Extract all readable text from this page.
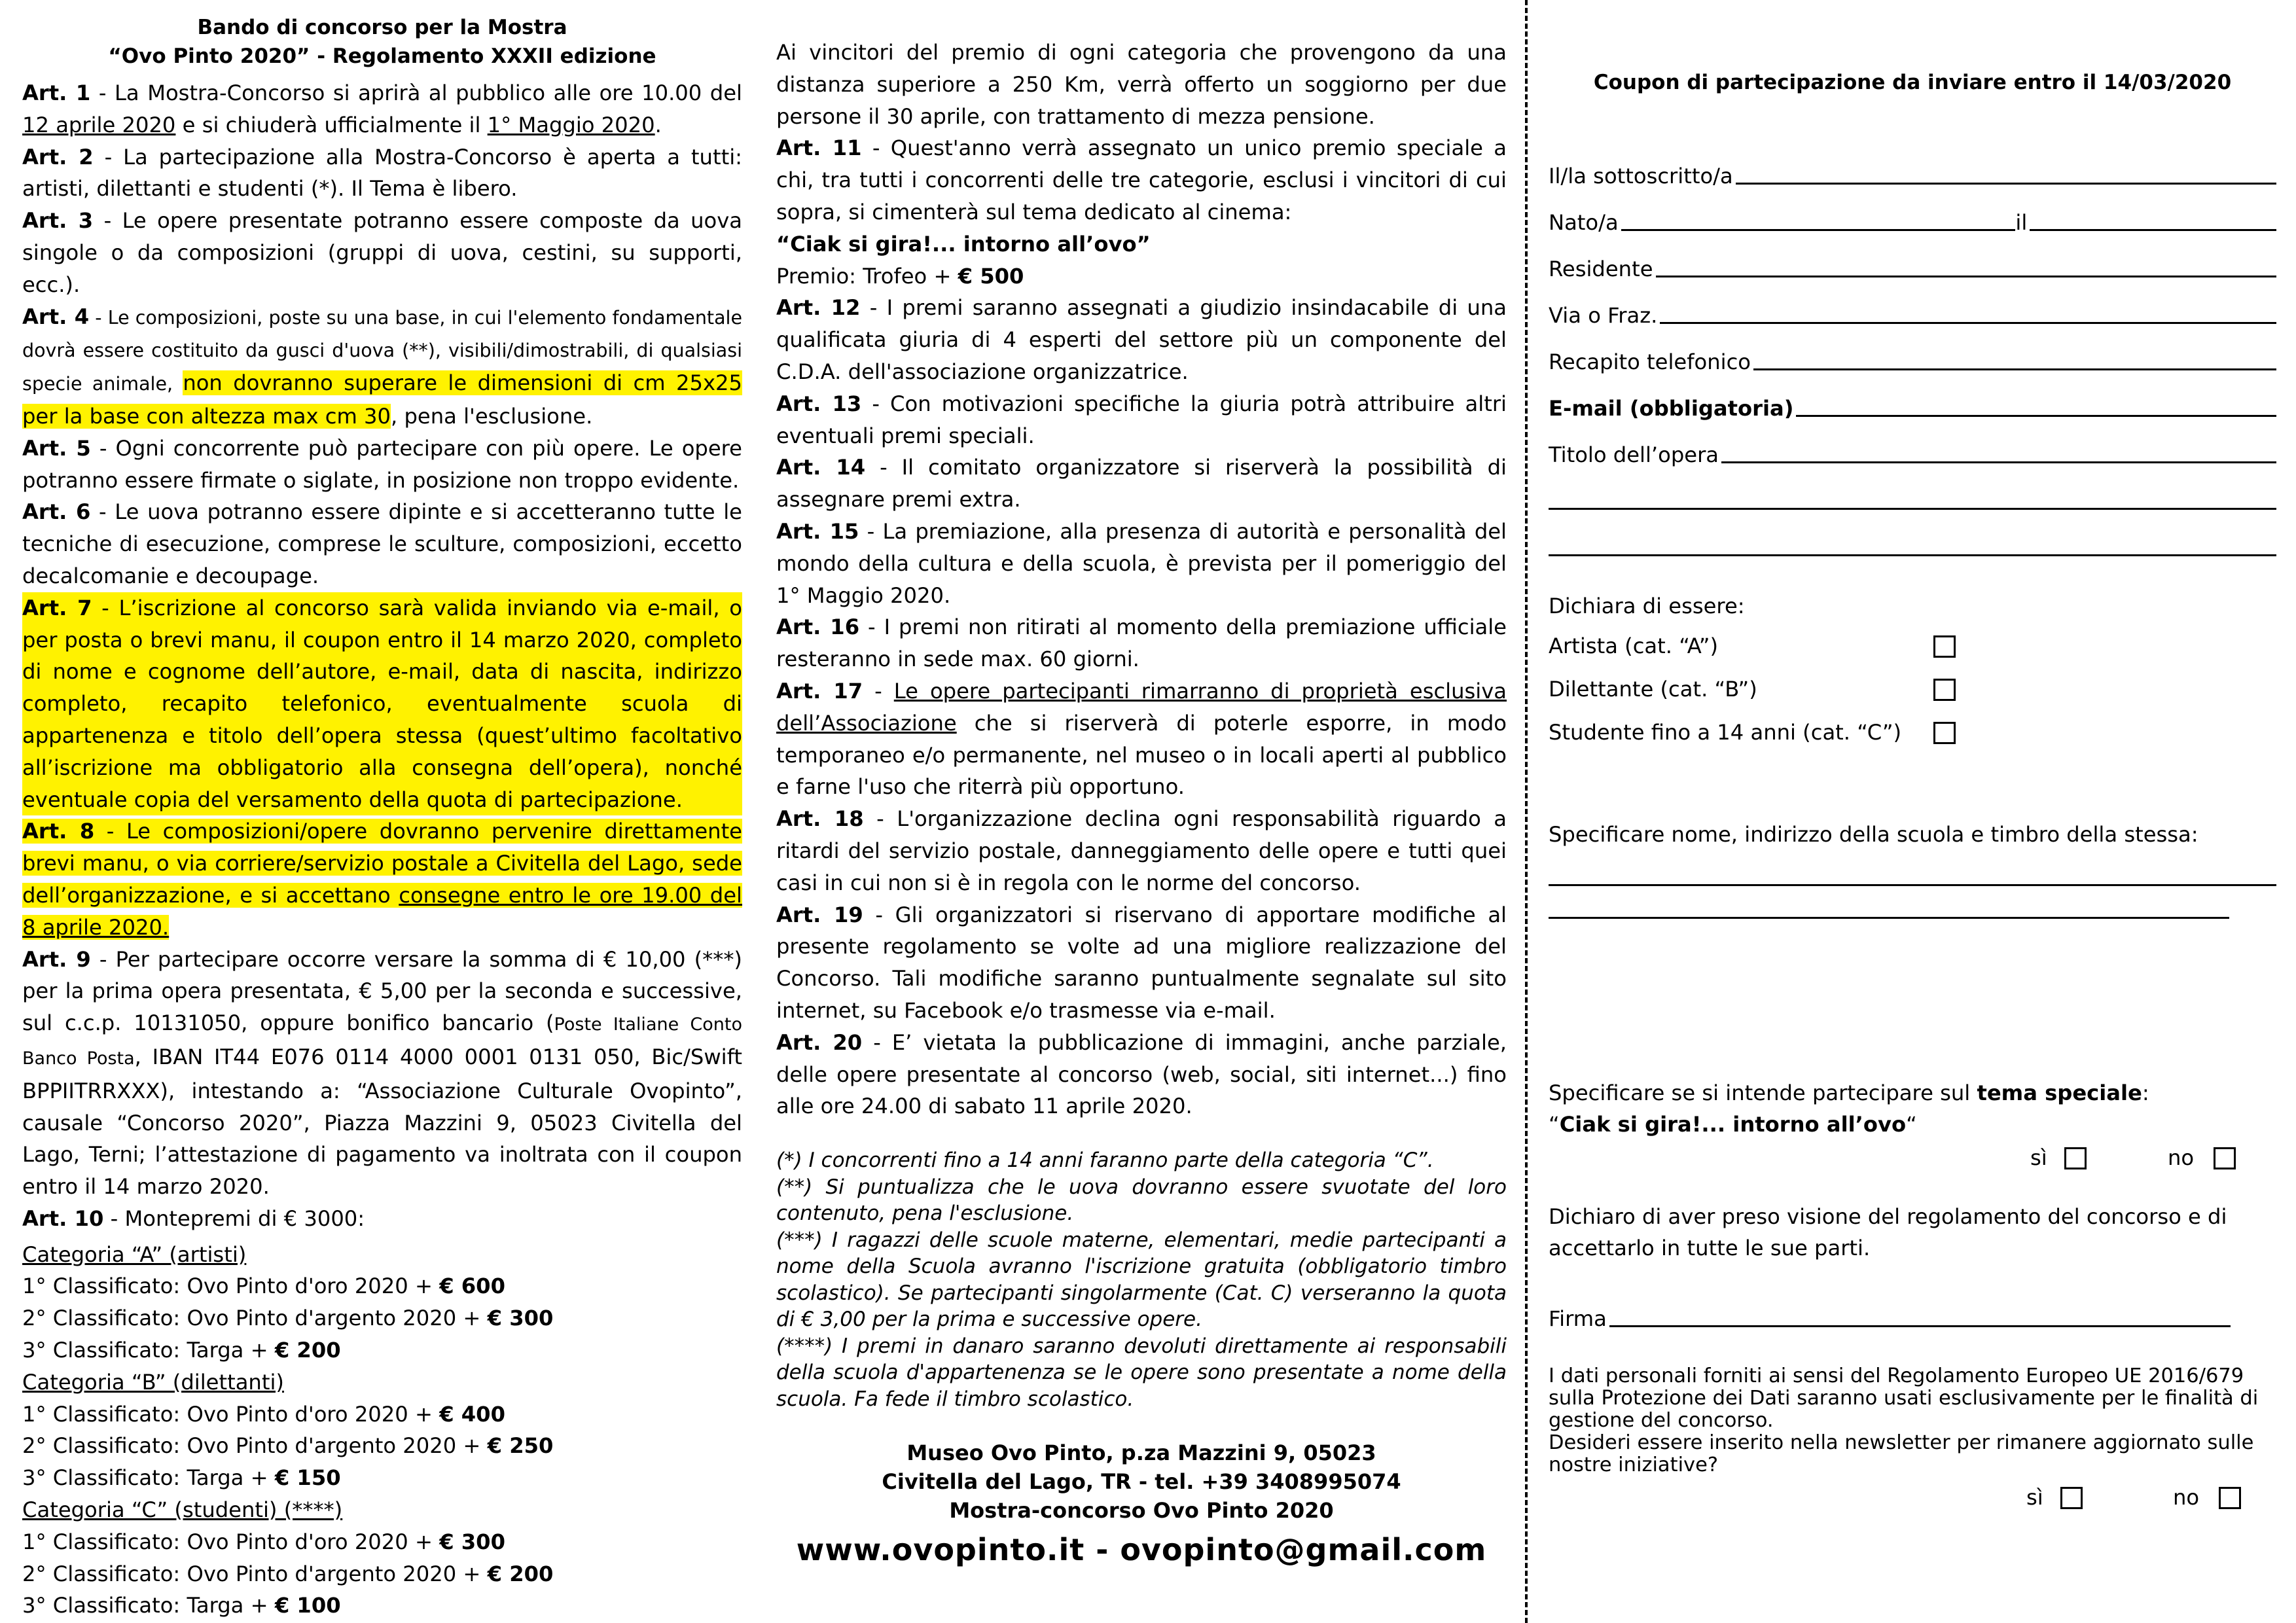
Bando di concorso per la Mostra

“Ovo Pinto 2020” - Regolamento XXXII edizione

Art. 1 - La Mostra-Concorso si aprirà al pubblico alle ore 10.00 del 12 aprile 2020 e si chiuderà ufficialmente il 1° Maggio 2020.

Art. 2 - La partecipazione alla Mostra-Concorso è aperta a tutti: artisti, dilettanti e studenti (*). Il Tema è libero.

Art. 3 - Le opere presentate potranno essere composte da uova singole o da composizioni (gruppi di uova, cestini, su supporti, ecc.).

Art. 4 - Le composizioni, poste su una base, in cui l'elemento fondamentale dovrà essere costituito da gusci d'uova (**), visibili/dimostrabili, di qualsiasi specie animale, non dovranno superare le dimensioni di cm 25x25 per la base con altezza max cm 30, pena l'esclusione.

Art. 5 - Ogni concorrente può partecipare con più opere. Le opere potranno essere firmate o siglate, in posizione non troppo evidente.

Art. 6 - Le uova potranno essere dipinte e si accetteranno tutte le tecniche di esecuzione, comprese le sculture, composizioni, eccetto decalcomanie e decoupage.

Art. 7 - L’iscrizione al concorso sarà valida inviando via e-mail, o per posta o brevi manu, il coupon entro il 14 marzo 2020, completo di nome e cognome dell’autore, e-mail, data di nascita, indirizzo completo, recapito telefonico, eventualmente scuola di appartenenza e titolo dell’opera stessa (quest’ultimo facoltativo all’iscrizione ma obbligatorio alla consegna dell’opera), nonché eventuale copia del versamento della quota di partecipazione.

Art. 8 - Le composizioni/opere dovranno pervenire direttamente brevi manu, o via corriere/servizio postale a Civitella del Lago, sede dell’organizzazione, e si accettano consegne entro le ore 19.00 del 8 aprile 2020.

Art. 9 - Per partecipare occorre versare la somma di € 10,00 (***) per la prima opera presentata, € 5,00 per la seconda e successive, sul c.c.p. 10131050, oppure bonifico bancario (Poste Italiane Conto Banco Posta, IBAN IT44 E076 0114 4000 0001 0131 050, Bic/Swift BPPIITRRXXX), intestando a: “Associazione Culturale Ovopinto”, causale “Concorso 2020”, Piazza Mazzini 9, 05023 Civitella del Lago, Terni; l’attestazione di pagamento va inoltrata con il coupon entro il 14 marzo 2020.

Art. 10 - Montepremi di € 3000:

Categoria “A” (artisti)
1° Classificato: Ovo Pinto d'oro 2020 + € 600
2° Classificato: Ovo Pinto d'argento 2020 + € 300
3° Classificato: Targa + € 200
Categoria “B” (dilettanti)
1° Classificato: Ovo Pinto d'oro 2020 + € 400
2° Classificato: Ovo Pinto d'argento 2020 + € 250
3° Classificato: Targa + € 150
Categoria “C” (studenti) (****)
1° Classificato: Ovo Pinto d'oro 2020 + € 300
2° Classificato: Ovo Pinto d'argento 2020 + € 200
3° Classificato: Targa + € 100

Ai vincitori del premio di ogni categoria che provengono da una distanza superiore a 250 Km, verrà offerto un soggiorno per due persone il 30 aprile, con trattamento di mezza pensione.

Art. 11 - Quest'anno verrà assegnato un unico premio speciale a chi, tra tutti i concorrenti delle tre categorie, esclusi i vincitori di cui sopra, si cimenterà sul tema dedicato al cinema:

“Ciak si gira!... intorno all’ovo”

Premio: Trofeo + € 500

Art. 12 - I premi saranno assegnati a giudizio insindacabile di una qualificata giuria di 4 esperti del settore più un componente del C.D.A. dell'associazione organizzatrice.

Art. 13 - Con motivazioni specifiche la giuria potrà attribuire altri eventuali premi speciali.

Art. 14 - Il comitato organizzatore si riserverà la possibilità di assegnare premi extra.

Art. 15 - La premiazione, alla presenza di autorità e personalità del mondo della cultura e della scuola, è prevista per il pomeriggio del 1° Maggio 2020.

Art. 16 - I premi non ritirati al momento della premiazione ufficiale resteranno in sede max. 60 giorni.

Art. 17 - Le opere partecipanti rimarranno di proprietà esclusiva dell’Associazione che si riserverà di poterle esporre, in modo temporaneo e/o permanente, nel museo o in locali aperti al pubblico e farne l'uso che riterrà più opportuno.

Art. 18 - L'organizzazione declina ogni responsabilità riguardo a ritardi del servizio postale, danneggiamento delle opere e tutti quei casi in cui non si è in regola con le norme del concorso.

Art. 19 - Gli organizzatori si riservano di apportare modifiche al presente regolamento se volte ad una migliore realizzazione del Concorso. Tali modifiche saranno puntualmente segnalate sul sito internet, su Facebook e/o trasmesse via e-mail.

Art. 20 - E’ vietata la pubblicazione di immagini, anche parziale, delle opere presentate al concorso (web, social, siti internet...) fino alle ore 24.00 di sabato 11 aprile 2020.

(*) I concorrenti fino a 14 anni faranno parte della categoria “C”.
(**) Si puntualizza che le uova dovranno essere svuotate del loro contenuto, pena l'esclusione.
(***) I ragazzi delle scuole materne, elementari, medie partecipanti a nome della Scuola avranno l'iscrizione gratuita (obbligatorio timbro scolastico). Se partecipanti singolarmente (Cat. C) verseranno la quota di € 3,00 per la prima e successive opere.
(****) I premi in danaro saranno devoluti direttamente ai responsabili della scuola d'appartenenza se le opere sono presentate a nome della scuola. Fa fede il timbro scolastico.
Museo Ovo Pinto, p.za Mazzini 9, 05023
Civitella del Lago, TR - tel. +39 3408995074
Mostra-concorso Ovo Pinto 2020
www.ovopinto.it - ovopinto@gmail.com
Coupon di partecipazione da inviare entro il 14/03/2020
Il/la sottoscritto/a
Nato/a	il
Residente
Via o Fraz.
Recapito telefonico
E-mail (obbligatoria)
Titolo dell’opera
Dichiara di essere:
Artista (cat. “A”)
Dilettante (cat. “B”)
Studente fino a 14 anni (cat. “C”)
Specificare nome, indirizzo della scuola e timbro della stessa:
Specificare se si intende partecipare sul tema speciale:
“Ciak si gira!... intorno all’ovo“
sì	no
Dichiaro di aver preso visione del regolamento del concorso e di accettarlo in tutte le sue parti.
Firma
I dati personali forniti ai sensi del Regolamento Europeo UE 2016/679 sulla Protezione dei Dati saranno usati esclusivamente per le finalità di gestione del concorso.
Desideri essere inserito nella newsletter per rimanere aggiornato sulle nostre iniziative?
sì	no
